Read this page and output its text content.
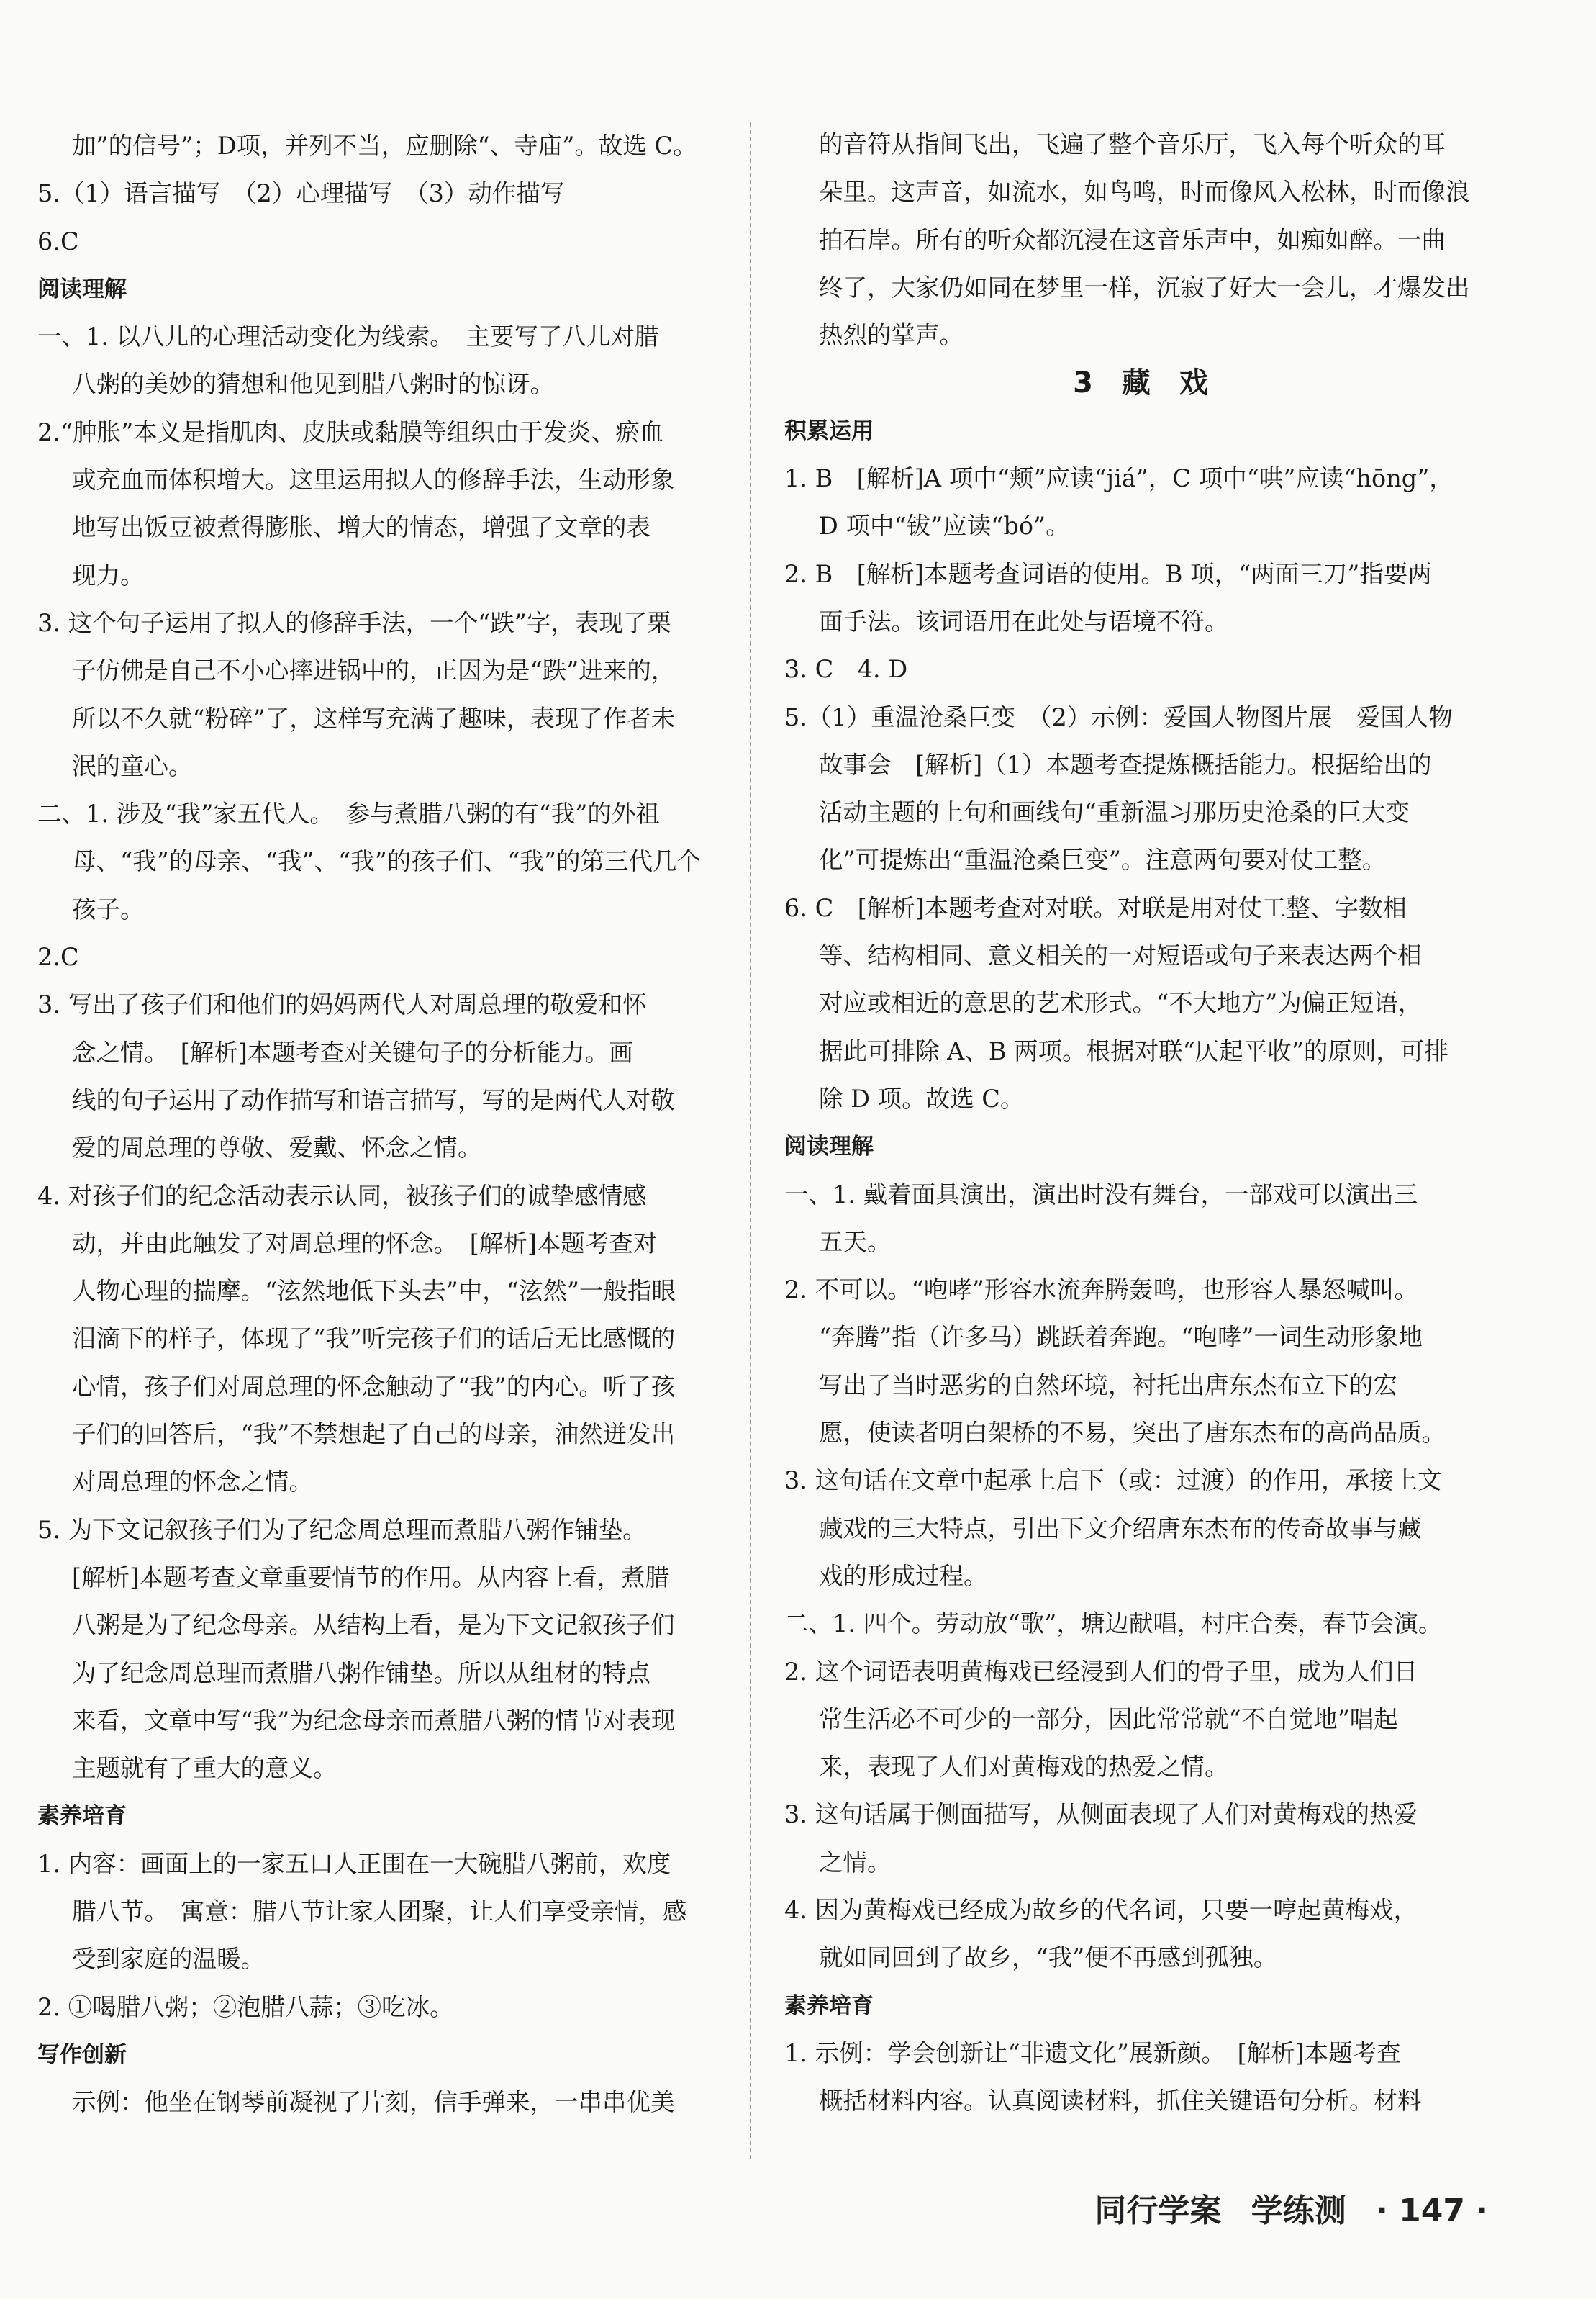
加”的信号”；D项，并列不当，应删除“、寺庙”。故选 C。

5.（1）语言描写　（2）心理描写　（3）动作描写

6.C

阅读理解

一、1. 以八儿的心理活动变化为线索。　主要写了八儿对腊

八粥的美妙的猜想和他见到腊八粥时的惊讶。

2.“肿胀”本义是指肌肉、皮肤或黏膜等组织由于发炎、瘀血

或充血而体积增大。这里运用拟人的修辞手法，生动形象

地写出饭豆被煮得膨胀、增大的情态，增强了文章的表

现力。

3. 这个句子运用了拟人的修辞手法，一个“跌”字，表现了栗

子仿佛是自己不小心摔进锅中的，正因为是“跌”进来的，

所以不久就“粉碎”了，这样写充满了趣味，表现了作者未

泯的童心。

二、1. 涉及“我”家五代人。　参与煮腊八粥的有“我”的外祖

母、“我”的母亲、“我”、“我”的孩子们、“我”的第三代几个

孩子。

2.C

3. 写出了孩子们和他们的妈妈两代人对周总理的敬爱和怀

念之情。　[解析]本题考查对关键句子的分析能力。画

线的句子运用了动作描写和语言描写，写的是两代人对敬

爱的周总理的尊敬、爱戴、怀念之情。

4. 对孩子们的纪念活动表示认同，被孩子们的诚挚感情感

动，并由此触发了对周总理的怀念。　[解析]本题考查对

人物心理的揣摩。“泫然地低下头去”中，“泫然”一般指眼

泪滴下的样子，体现了“我”听完孩子们的话后无比感慨的

心情，孩子们对周总理的怀念触动了“我”的内心。听了孩

子们的回答后，“我”不禁想起了自己的母亲，油然迸发出

对周总理的怀念之情。

5. 为下文记叙孩子们为了纪念周总理而煮腊八粥作铺垫。

[解析]本题考查文章重要情节的作用。从内容上看，煮腊

八粥是为了纪念母亲。从结构上看，是为下文记叙孩子们

为了纪念周总理而煮腊八粥作铺垫。所以从组材的特点

来看，文章中写“我”为纪念母亲而煮腊八粥的情节对表现

主题就有了重大的意义。

素养培育

1. 内容：画面上的一家五口人正围在一大碗腊八粥前，欢度

腊八节。　寓意：腊八节让家人团聚，让人们享受亲情，感

受到家庭的温暖。

2. ①喝腊八粥；②泡腊八蒜；③吃冰。

写作创新

示例：他坐在钢琴前凝视了片刻，信手弹来，一串串优美

的音符从指间飞出，飞遍了整个音乐厅，飞入每个听众的耳

朵里。这声音，如流水，如鸟鸣，时而像风入松林，时而像浪

拍石岸。所有的听众都沉浸在这音乐声中，如痴如醉。一曲

终了，大家仍如同在梦里一样，沉寂了好大一会儿，才爆发出

热烈的掌声。

3　藏　戏

积累运用

1. B　[解析]A 项中“颊”应读“jiá”，C 项中“哄”应读“hōng”，

D 项中“钹”应读“bó”。

2. B　[解析]本题考查词语的使用。B 项，“两面三刀”指要两

面手法。该词语用在此处与语境不符。

3. C　4. D

5.（1）重温沧桑巨变　（2）示例：爱国人物图片展　爱国人物

故事会　[解析]（1）本题考查提炼概括能力。根据给出的

活动主题的上句和画线句“重新温习那历史沧桑的巨大变

化”可提炼出“重温沧桑巨变”。注意两句要对仗工整。

6. C　[解析]本题考查对对联。对联是用对仗工整、字数相

等、结构相同、意义相关的一对短语或句子来表达两个相

对应或相近的意思的艺术形式。“不大地方”为偏正短语，

据此可排除 A、B 两项。根据对联“仄起平收”的原则，可排

除 D 项。故选 C。

阅读理解

一、1. 戴着面具演出，演出时没有舞台，一部戏可以演出三

五天。

2. 不可以。“咆哮”形容水流奔腾轰鸣，也形容人暴怒喊叫。

“奔腾”指（许多马）跳跃着奔跑。“咆哮”一词生动形象地

写出了当时恶劣的自然环境，衬托出唐东杰布立下的宏

愿，使读者明白架桥的不易，突出了唐东杰布的高尚品质。

3. 这句话在文章中起承上启下（或：过渡）的作用，承接上文

藏戏的三大特点，引出下文介绍唐东杰布的传奇故事与藏

戏的形成过程。

二、1. 四个。劳动放“歌”，塘边献唱，村庄合奏，春节会演。

2. 这个词语表明黄梅戏已经浸到人们的骨子里，成为人们日

常生活必不可少的一部分，因此常常就“不自觉地”唱起

来，表现了人们对黄梅戏的热爱之情。

3. 这句话属于侧面描写，从侧面表现了人们对黄梅戏的热爱

之情。

4. 因为黄梅戏已经成为故乡的代名词，只要一哼起黄梅戏，

就如同回到了故乡，“我”便不再感到孤独。

素养培育

1. 示例：学会创新让“非遗文化”展新颜。　[解析]本题考查

概括材料内容。认真阅读材料，抓住关键语句分析。材料

同行学案 学练测 · 147 ·
